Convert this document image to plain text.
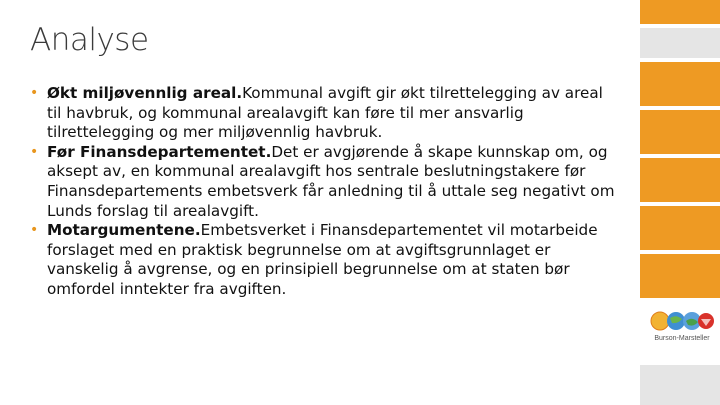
Analyse
• Økt miljøvennlig areal.Kommunal avgift gir økt tilrettelegging av areal til havbruk, og kommunal arealavgift kan føre til mer ansvarlig tilrettelegging og mer miljøvennlig havbruk.
• Før Finansdepartementet.Det er avgjørende å skape kunnskap om, og aksept av, en kommunal arealavgift hos sentrale beslutningstakere før Finansdepartements embetsverk får anledning til å uttale seg negativt om Lunds forslag til arealavgift.
• Motargumentene.Embetsverket i Finansdepartementet vil motarbeide forslaget med en praktisk begrunnelse om at avgiftsgrunnlaget er vanskelig å avgrense, og en prinsipiell begrunnelse om at staten bør omfordel inntekter fra avgiften.
Burson-Marsteller
